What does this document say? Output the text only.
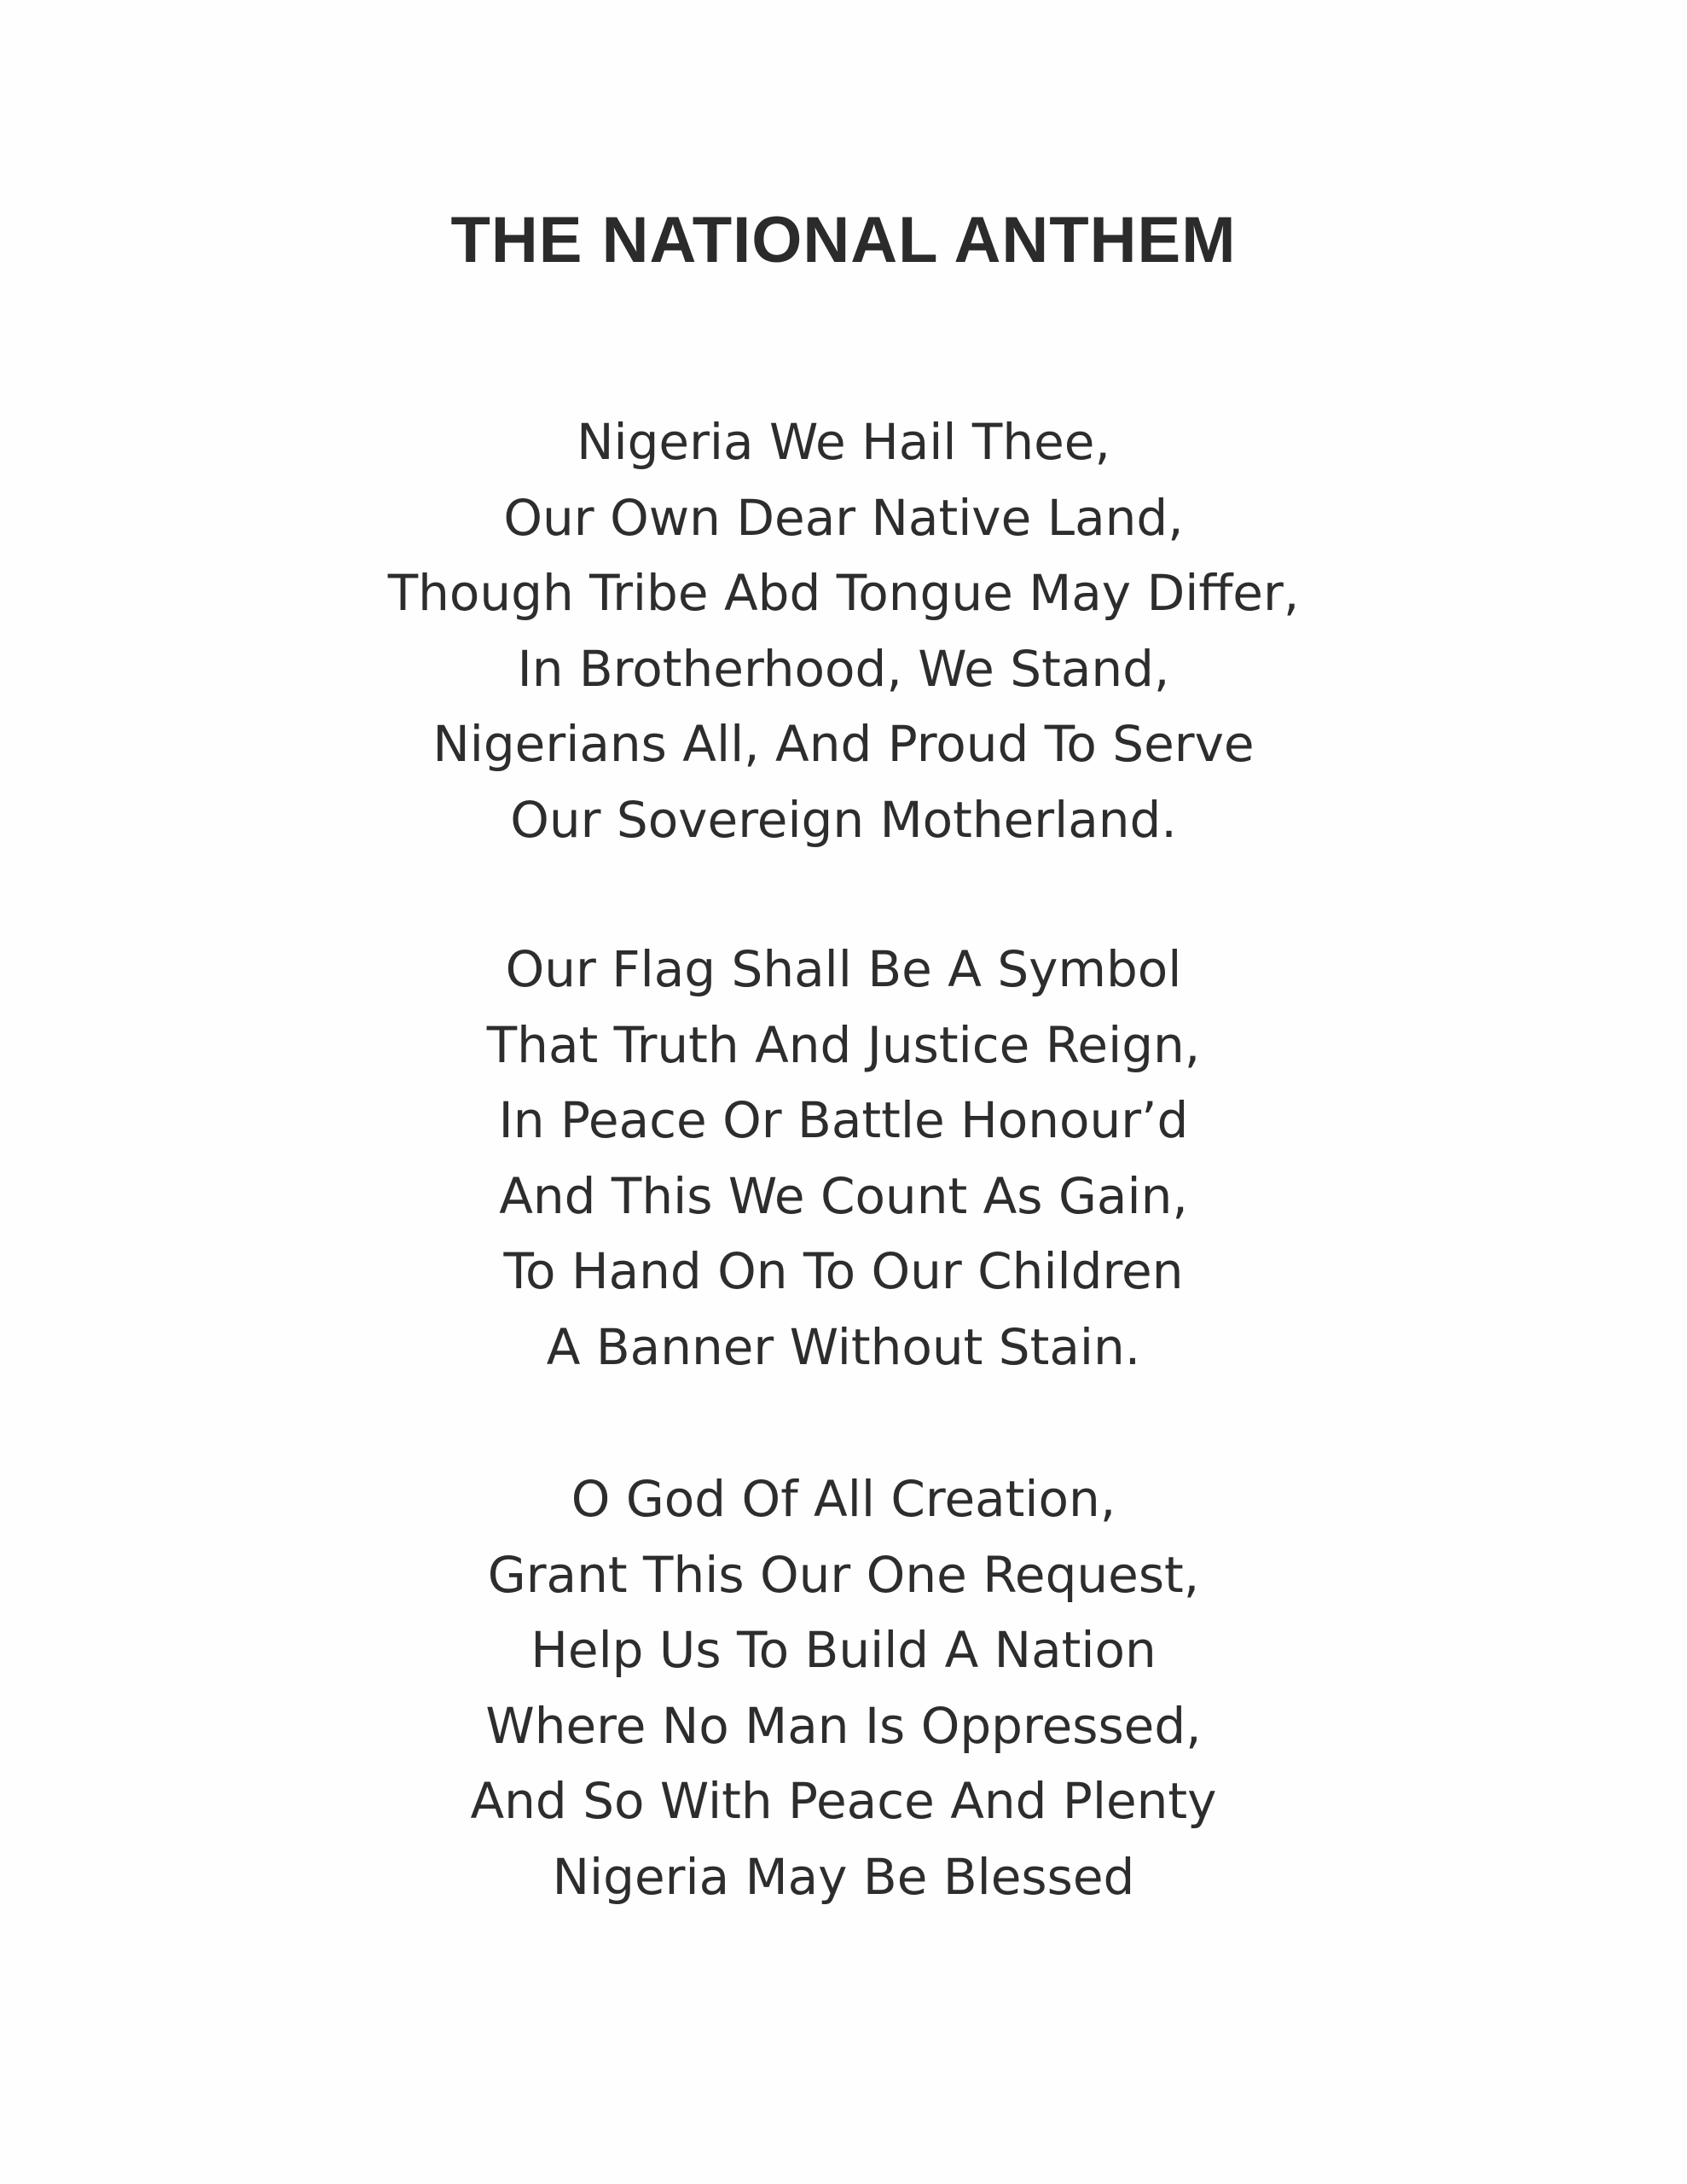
THE NATIONAL ANTHEM
Nigeria We Hail Thee,
Our Own Dear Native Land,
Though Tribe Abd Tongue May Differ,
In Brotherhood, We Stand,
Nigerians All, And Proud To Serve
Our Sovereign Motherland.
Our Flag Shall Be A Symbol
That Truth And Justice Reign,
In Peace Or Battle Honour’d
And This We Count As Gain,
To Hand On To Our Children
A Banner Without Stain.
O God Of All Creation,
Grant This Our One Request,
Help Us To Build A Nation
Where No Man Is Oppressed,
And So With Peace And Plenty
Nigeria May Be Blessed
